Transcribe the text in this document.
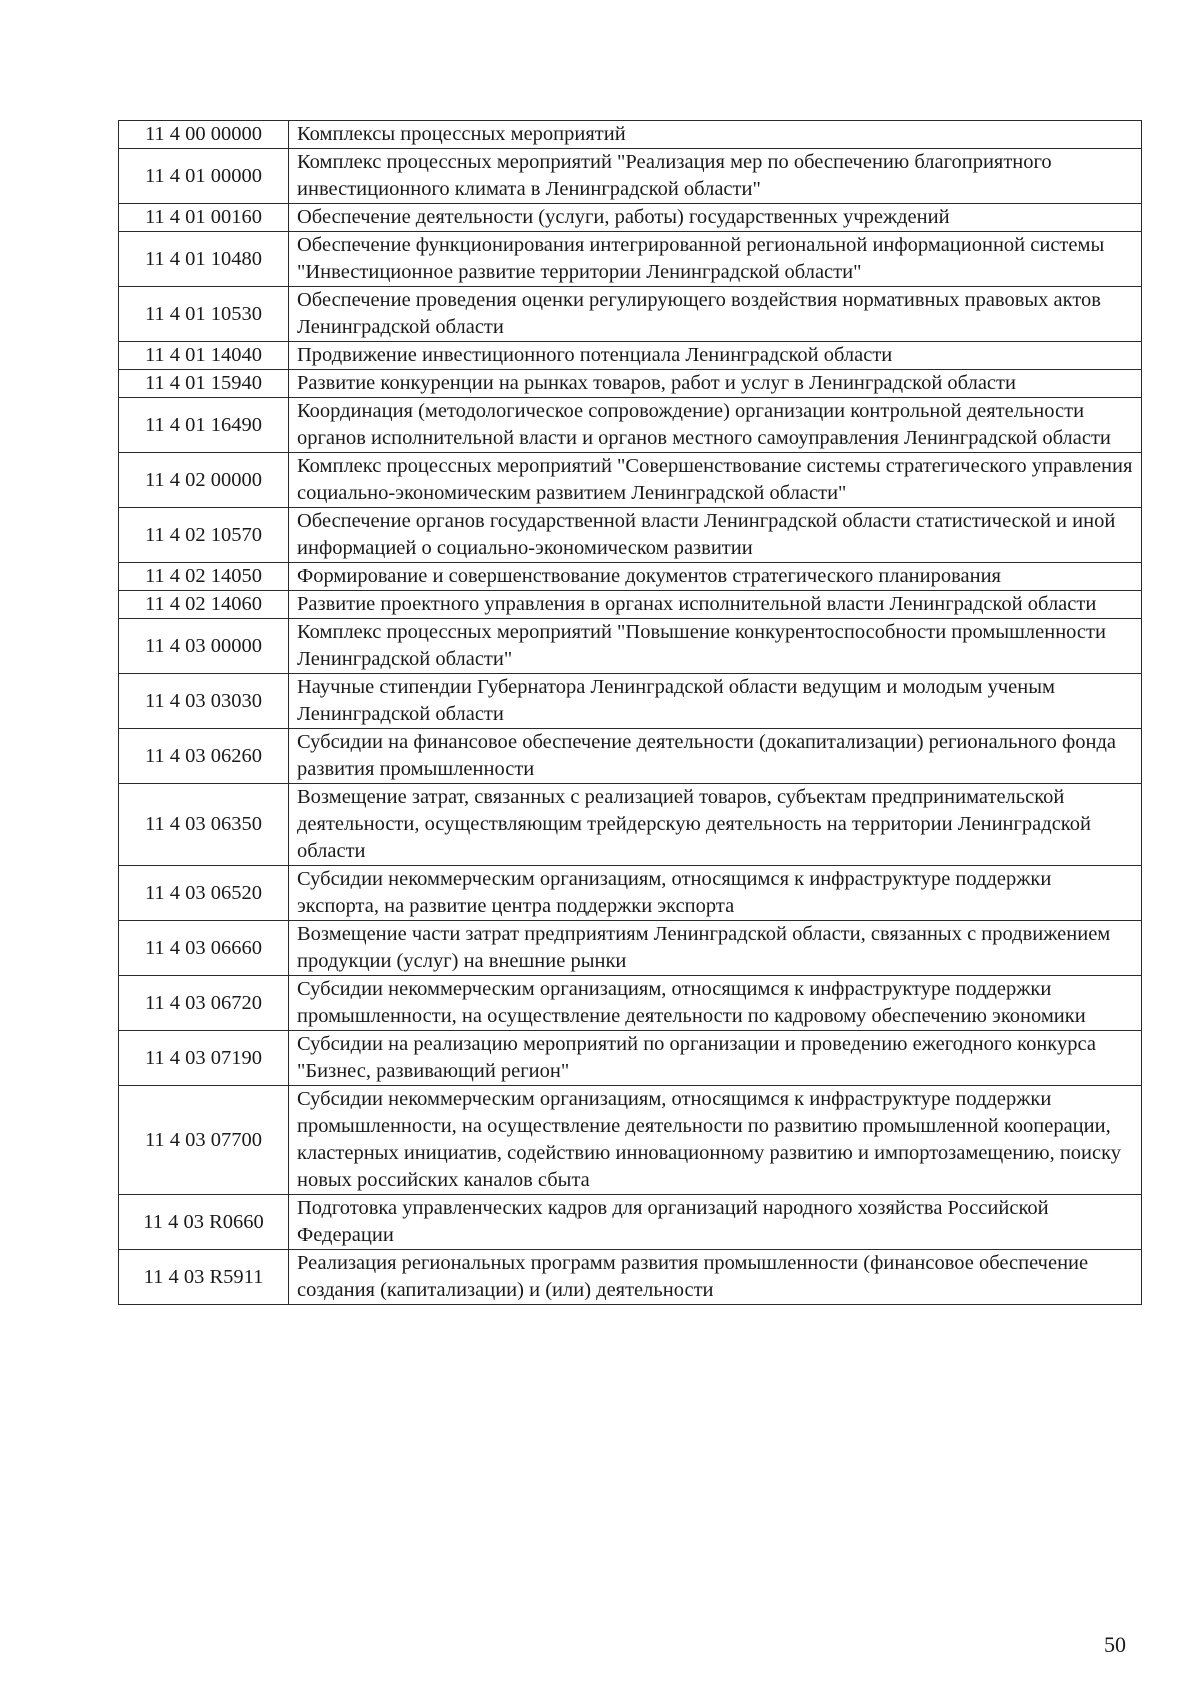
11 4 00 00000	Комплексы процессных мероприятий
11 4 01 00000	Комплекс процессных мероприятий "Реализация мер по обеспечению благоприятного инвестиционного климата в Ленинградской области"
11 4 01 00160	Обеспечение деятельности (услуги, работы) государственных учреждений
11 4 01 10480	Обеспечение функционирования интегрированной региональной информационной системы "Инвестиционное развитие территории Ленинградской области"
11 4 01 10530	Обеспечение проведения оценки регулирующего воздействия нормативных правовых актов Ленинградской области
11 4 01 14040	Продвижение инвестиционного потенциала Ленинградской области
11 4 01 15940	Развитие конкуренции на рынках товаров, работ и услуг в Ленинградской области
11 4 01 16490	Координация (методологическое сопровождение) организации контрольной деятельности органов исполнительной власти и органов местного самоуправления Ленинградской области
11 4 02 00000	Комплекс процессных мероприятий "Совершенствование системы стратегического управления социально-экономическим развитием Ленинградской области"
11 4 02 10570	Обеспечение органов государственной власти Ленинградской области статистической и иной информацией о социально-экономическом развитии
11 4 02 14050	Формирование и совершенствование документов стратегического планирования
11 4 02 14060	Развитие проектного управления в органах исполнительной власти Ленинградской области
11 4 03 00000	Комплекс процессных мероприятий "Повышение конкурентоспособности промышленности Ленинградской области"
11 4 03 03030	Научные стипендии Губернатора Ленинградской области ведущим и молодым ученым Ленинградской области
11 4 03 06260	Субсидии на финансовое обеспечение деятельности (докапитализации) регионального фонда развития промышленности
11 4 03 06350	Возмещение затрат, связанных с реализацией товаров, субъектам предпринимательской деятельности, осуществляющим трейдерскую деятельность на территории Ленинградской области
11 4 03 06520	Субсидии некоммерческим организациям, относящимся к инфраструктуре поддержки экспорта, на развитие центра поддержки экспорта
11 4 03 06660	Возмещение части затрат предприятиям Ленинградской области, связанных с продвижением продукции (услуг) на внешние рынки
11 4 03 06720	Субсидии некоммерческим организациям, относящимся к инфраструктуре поддержки промышленности, на осуществление деятельности по кадровому обеспечению экономики
11 4 03 07190	Субсидии на реализацию мероприятий по организации и проведению ежегодного конкурса "Бизнес, развивающий регион"
11 4 03 07700	Субсидии некоммерческим организациям, относящимся к инфраструктуре поддержки промышленности, на осуществление деятельности по развитию промышленной кооперации, кластерных инициатив, содействию инновационному развитию и импортозамещению, поиску новых российских каналов сбыта
11 4 03 R0660	Подготовка управленческих кадров для организаций народного хозяйства Российской Федерации
11 4 03 R5911	Реализация региональных программ развития промышленности (финансовое обеспечение создания (капитализации) и (или) деятельности
50
